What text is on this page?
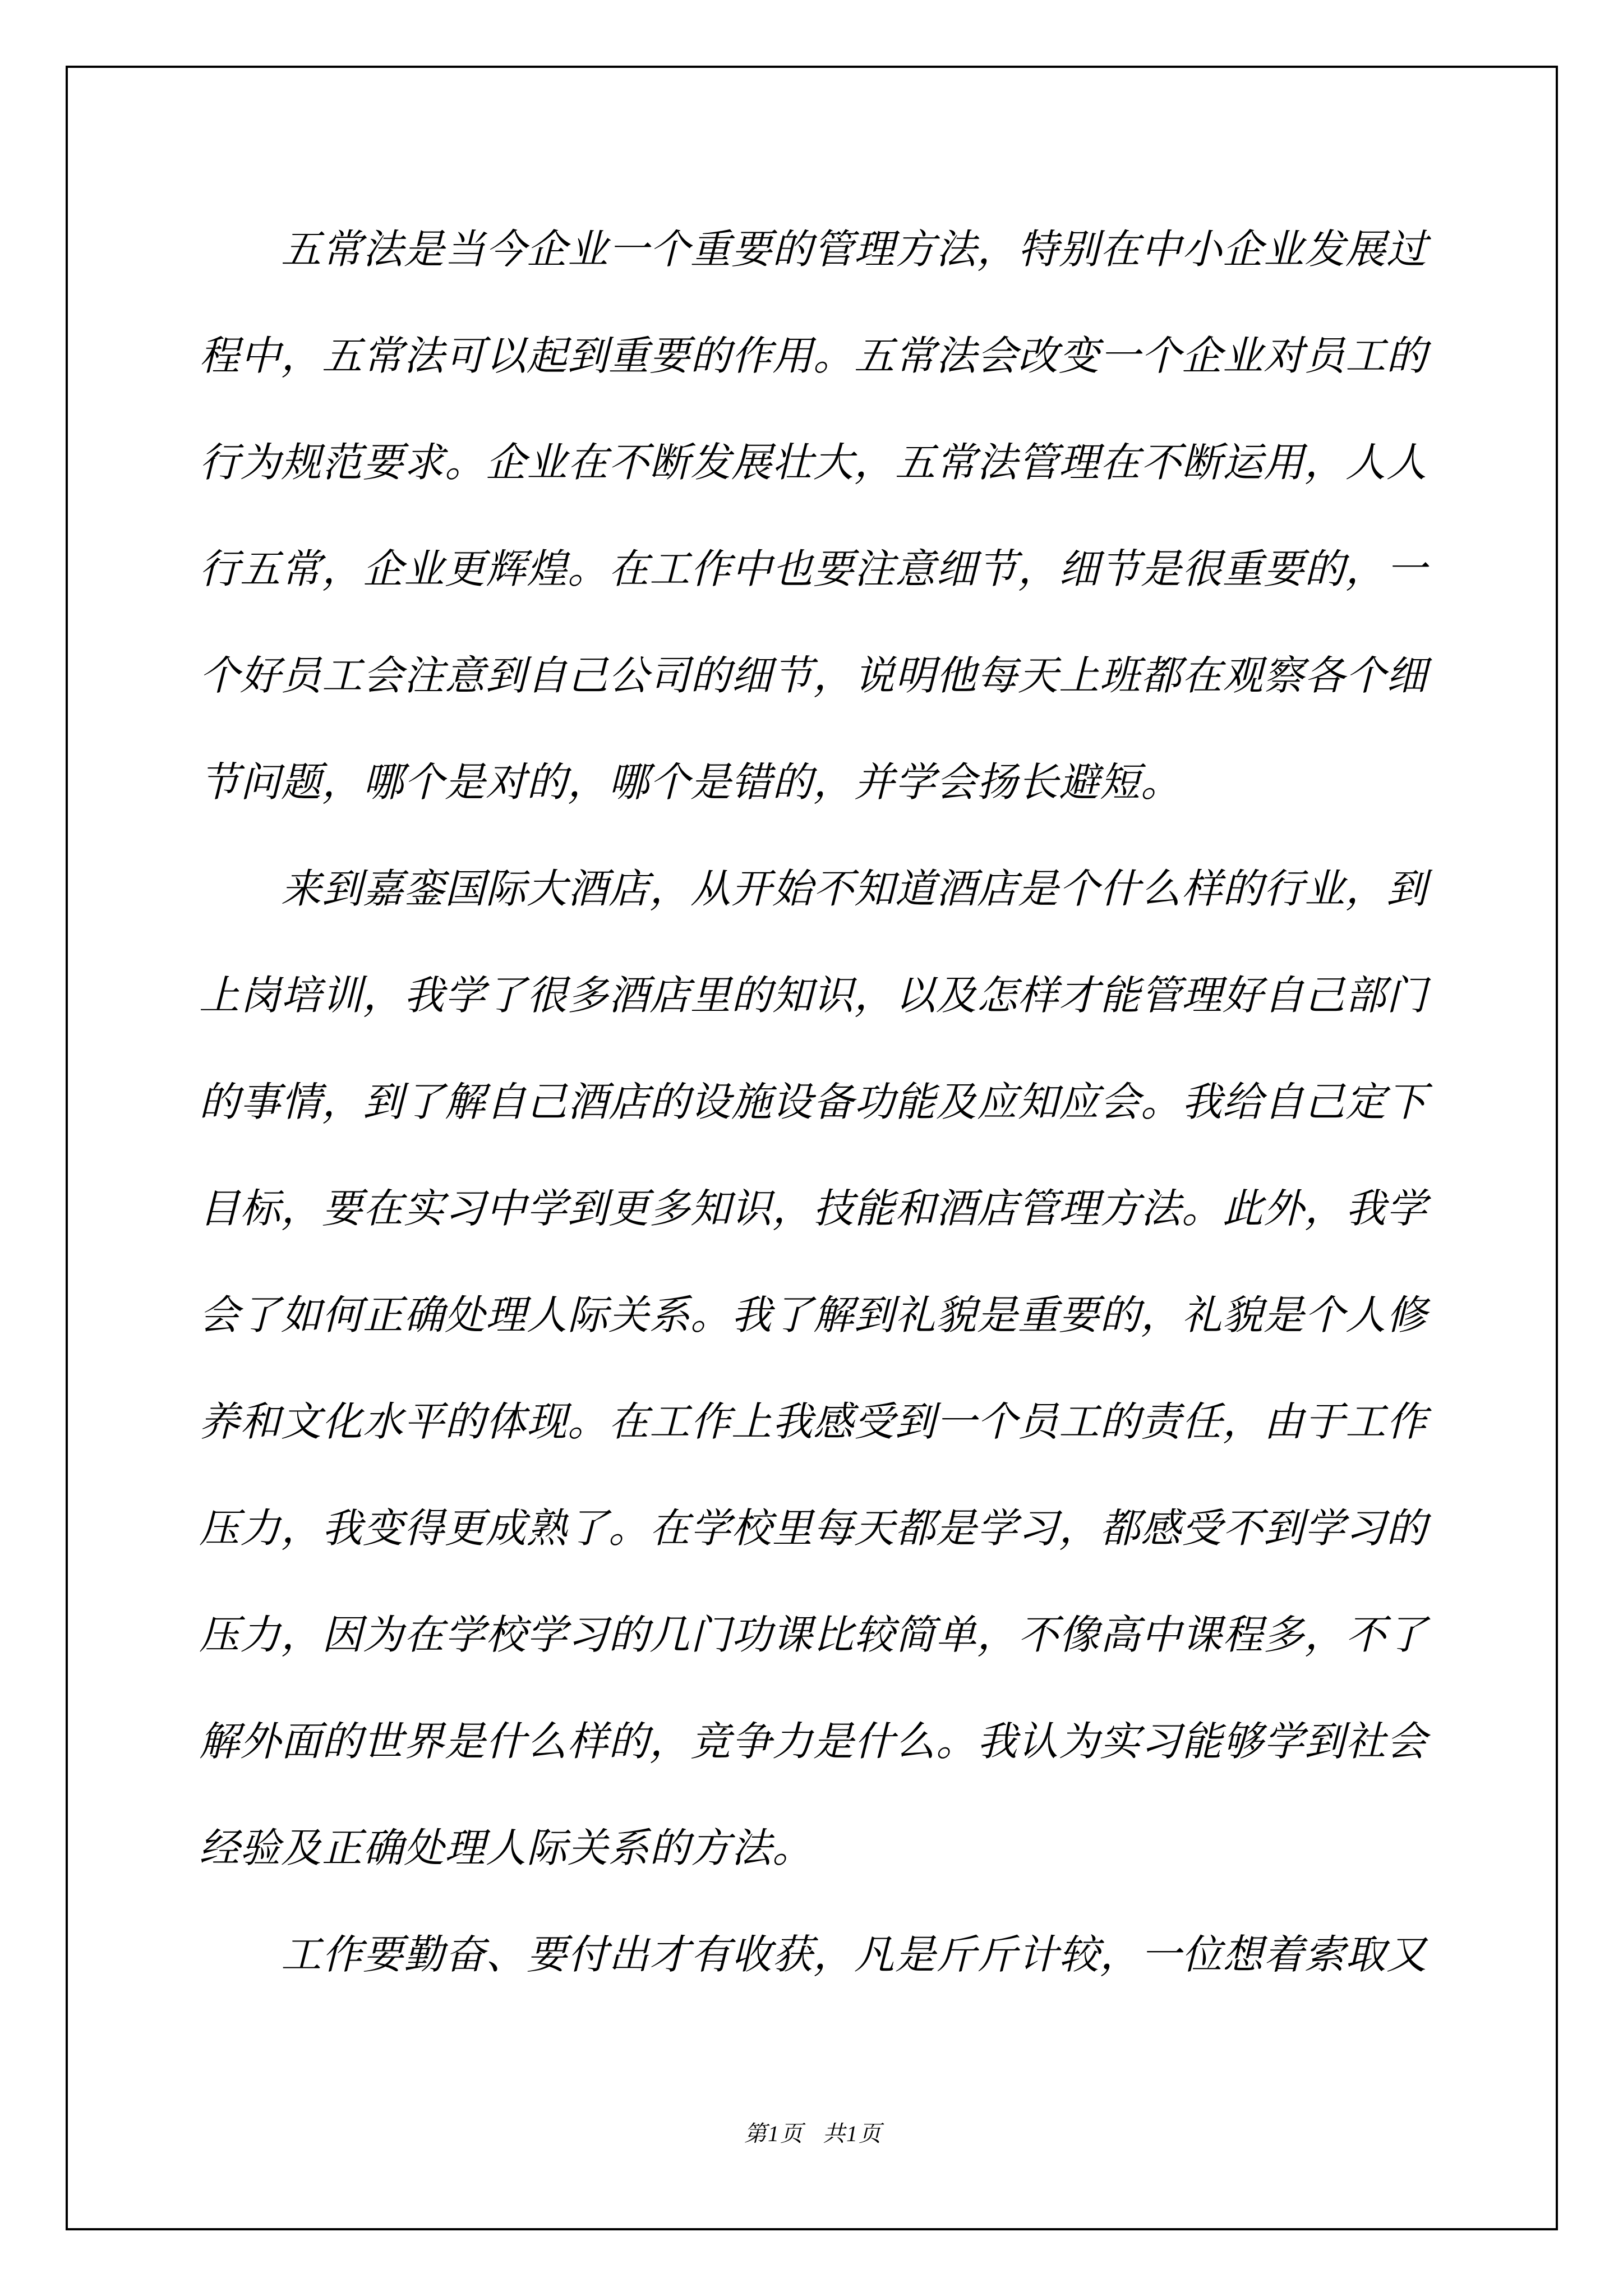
五常法是当今企业一个重要的管理方法，特别在中小企业发展过程中，五常法可以起到重要的作用。五常法会改变一个企业对员工的行为规范要求。企业在不断发展壮大，五常法管理在不断运用，人人行五常，企业更辉煌。在工作中也要注意细节，细节是很重要的，一个好员工会注意到自己公司的细节，说明他每天上班都在观察各个细节问题，哪个是对的，哪个是错的，并学会扬长避短。

来到嘉銮国际大酒店，从开始不知道酒店是个什么样的行业，到上岗培训，我学了很多酒店里的知识，以及怎样才能管理好自己部门的事情，到了解自己酒店的设施设备功能及应知应会。我给自己定下目标，要在实习中学到更多知识，技能和酒店管理方法。此外，我学会了如何正确处理人际关系。我了解到礼貌是重要的，礼貌是个人修养和文化水平的体现。在工作上我感受到一个员工的责任，由于工作压力，我变得更成熟了。在学校里每天都是学习，都感受不到学习的压力，因为在学校学习的几门功课比较简单，不像高中课程多，不了解外面的世界是什么样的，竞争力是什么。我认为实习能够学到社会经验及正确处理人际关系的方法。

工作要勤奋、要付出才有收获，凡是斤斤计较，一位想着索取又

第1页 共1页
